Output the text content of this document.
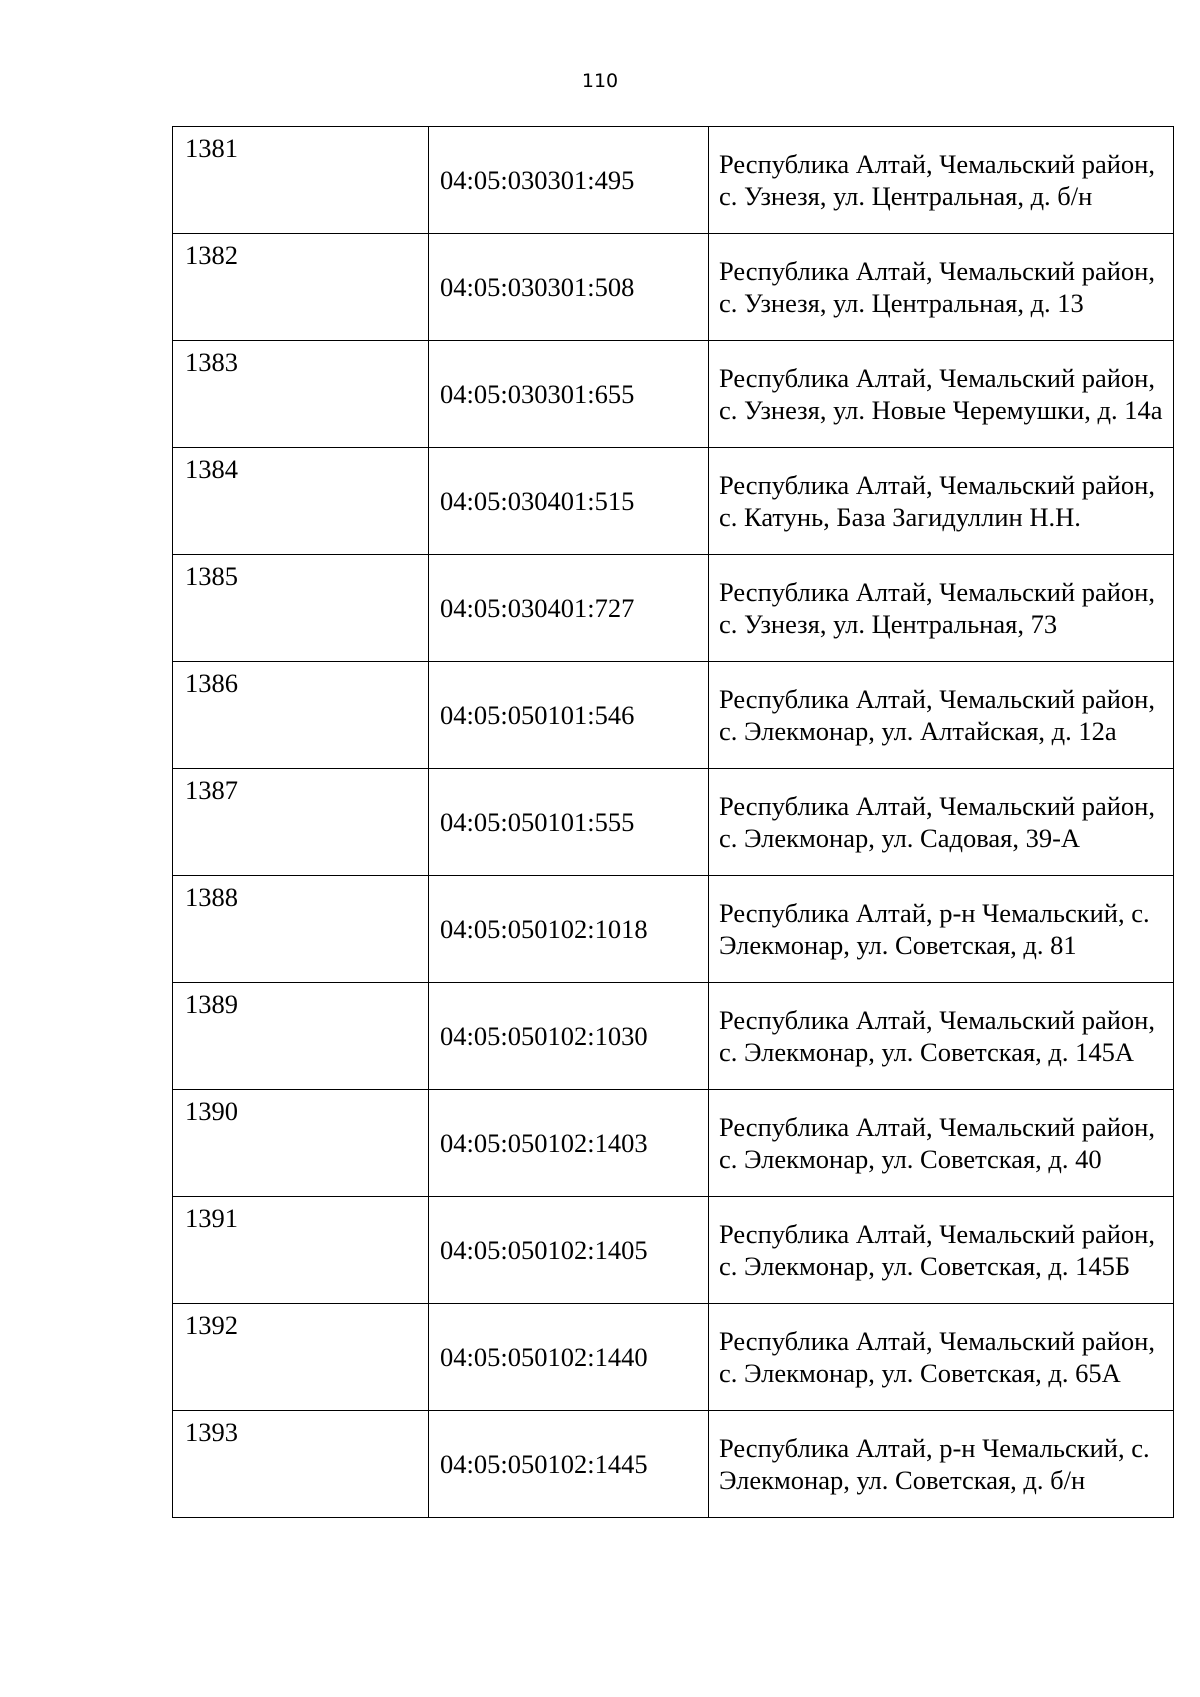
110
1381	04:05:030301:495	Республика Алтай, Чемальский район, с. Узнезя, ул. Центральная, д. б/н
1382	04:05:030301:508	Республика Алтай, Чемальский район, с. Узнезя, ул. Центральная, д. 13
1383	04:05:030301:655	Республика Алтай, Чемальский район, с. Узнезя, ул. Новые Черемушки, д. 14а
1384	04:05:030401:515	Республика Алтай, Чемальский район, с. Катунь, База Загидуллин Н.Н.
1385	04:05:030401:727	Республика Алтай, Чемальский район, с. Узнезя, ул. Центральная, 73
1386	04:05:050101:546	Республика Алтай, Чемальский район, с. Элекмонар, ул. Алтайская, д. 12а
1387	04:05:050101:555	Республика Алтай, Чемальский район, с. Элекмонар, ул. Садовая, 39-А
1388	04:05:050102:1018	Республика Алтай, р-н Чемальский, с. Элекмонар, ул. Советская, д. 81
1389	04:05:050102:1030	Республика Алтай, Чемальский район, с. Элекмонар, ул. Советская, д. 145А
1390	04:05:050102:1403	Республика Алтай, Чемальский район, с. Элекмонар, ул. Советская, д. 40
1391	04:05:050102:1405	Республика Алтай, Чемальский район, с. Элекмонар, ул. Советская, д. 145Б
1392	04:05:050102:1440	Республика Алтай, Чемальский район, с. Элекмонар, ул. Советская, д. 65А
1393	04:05:050102:1445	Республика Алтай, р-н Чемальский, с. Элекмонар, ул. Советская, д. б/н
